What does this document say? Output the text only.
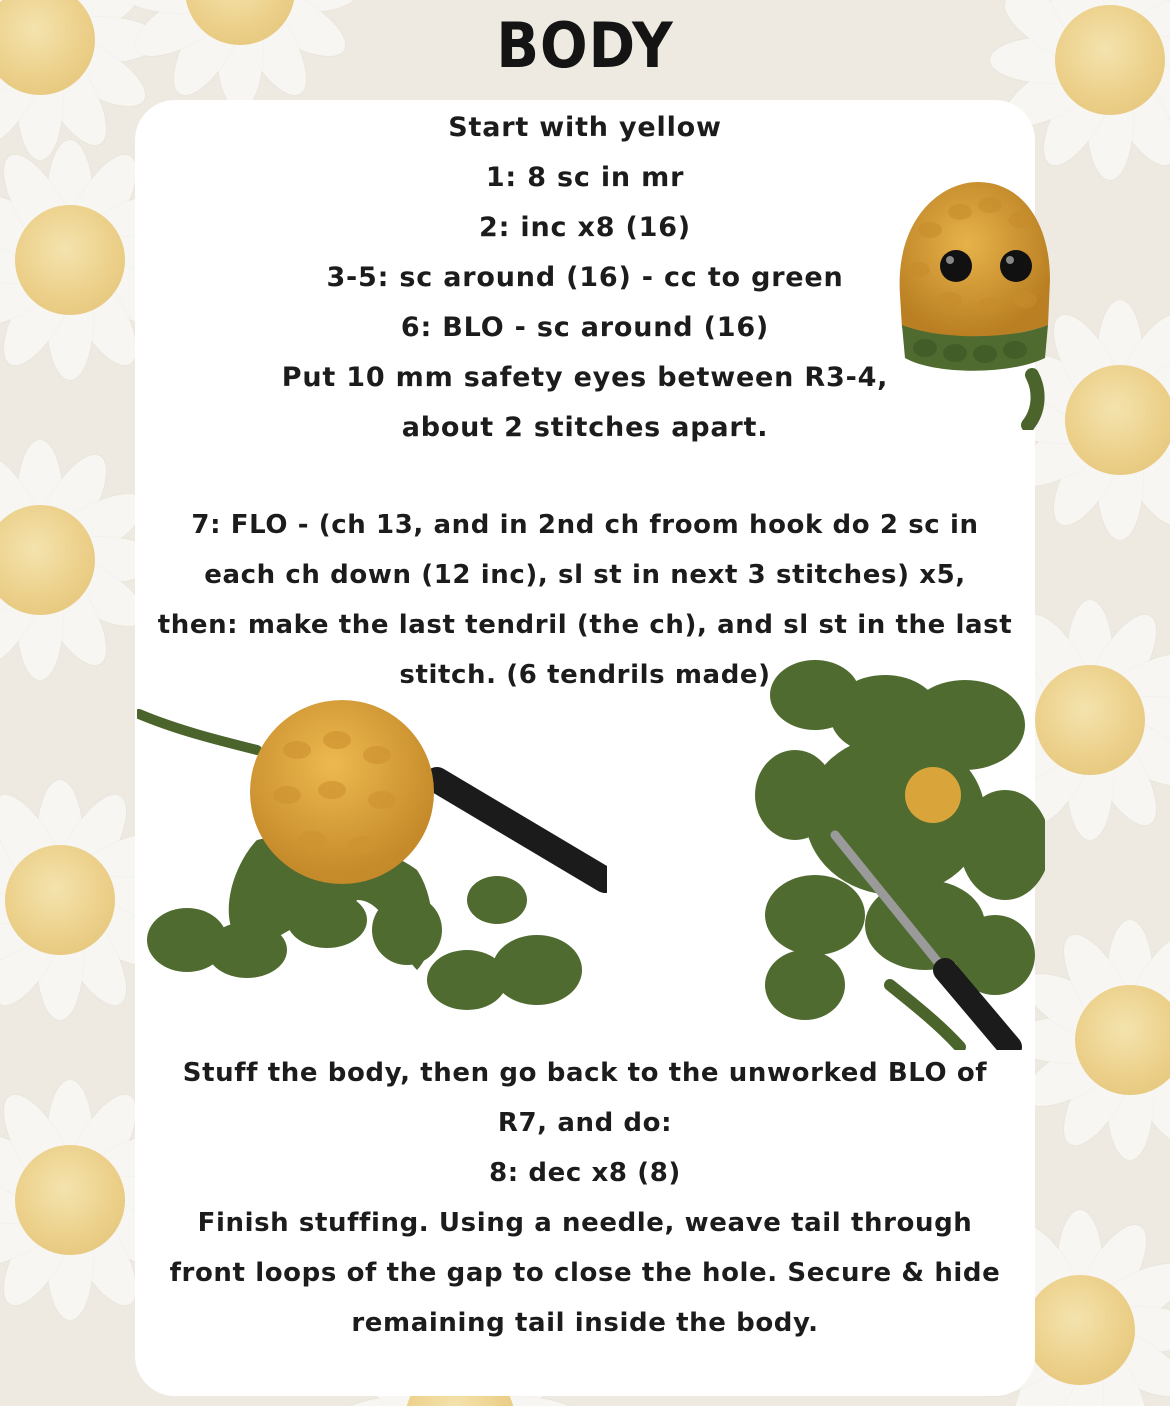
BODY
Start with yellow
1: 8 sc in mr
2: inc x8 (16)
3-5: sc around (16) - cc to green
6: BLO - sc around (16)
Put 10 mm safety eyes between R3-4,
about 2 stitches apart.
7: FLO - (ch 13, and in 2nd ch froom hook do 2 sc in
each ch down (12 inc), sl st in next 3 stitches) x5,
then: make the last tendril (the ch), and sl st in the last
stitch. (6 tendrils made)
Stuff the body, then go back to the unworked BLO of
R7, and do:
8: dec x8 (8)
Finish stuffing. Using a needle, weave tail through
front loops of the gap to close the hole. Secure & hide
remaining tail inside the body.
